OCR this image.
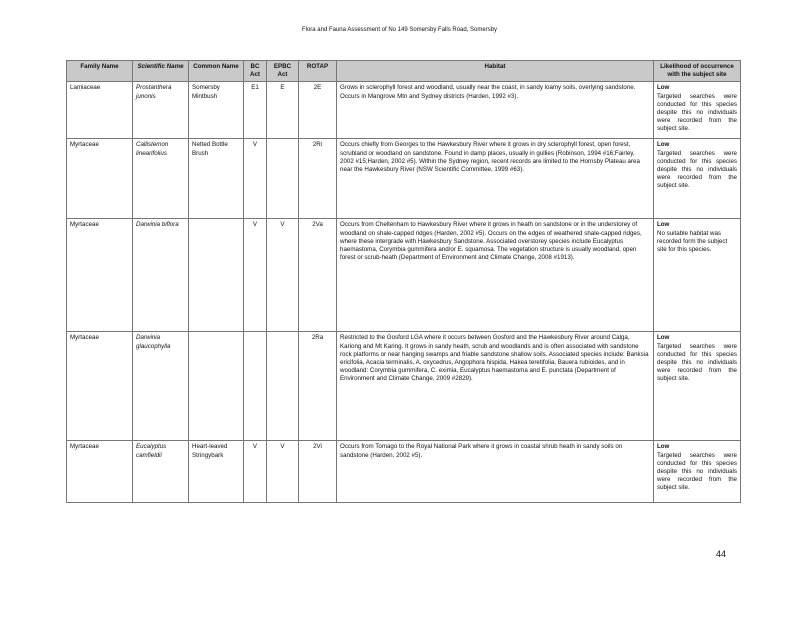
Flora and Fauna Assessment of No 149 Somersby Falls Road, Somersby
Family Name	Scientific Name	Common Name	BC Act	EPBC Act	ROTAP	Habitat	Likelihood of occurrence with the subject site
Lamiaceae	Prostanthera junonis	Somersby Mintbush	E1	E	2E	Grows in sclerophyll forest and woodland, usually near the coast, in sandy loamy soils, overlying sandstone. Occurs in Mangrove Mtn and Sydney districts (Harden, 1992 #3).	Low
Targeted searches were conducted for this species despite this no individuals were recorded from the subject site.
Myrtaceae	Callistemon linearifolius	Netted Bottle Brush	V		2Ri	Occurs chiefly from Georges to the Hawkesbury River where it grows in dry sclerophyll forest, open forest, scrubland or woodland on sandstone. Found in damp places, usually in gullies (Robinson, 1994 #16;Fairley, 2002 #15;Harden, 2002 #5). Within the Sydney region, recent records are limited to the Hornsby Plateau area near the Hawkesbury River (NSW Scientific Committee, 1999 #63).	Low
Targeted searches were conducted for this species despite this no individuals were recorded from the subject site.
Myrtaceae	Darwinia biflora		V	V	2Va	Occurs from Cheltenham to Hawkesbury River where it grows in heath on sandstone or in the understorey of woodland on shale-capped ridges (Harden, 2002 #5). Occurs on the edges of weathered shale-capped ridges, where these intergrade with Hawkesbury Sandstone. Associated overstorey species include Eucalyptus haemastoma, Corymbia gummifera and/or E. squamosa. The vegetation structure is usually woodland, open forest or scrub-heath (Department of Environment and Climate Change, 2008 #1913).	Low
No suitable habitat was recorded form the subject site for this species.
Myrtaceae	Darwinia glaucophylla				2Ra	Restricted to the Gosford LGA where it occurs between Gosford and the Hawkesbury River around Calga, Kariong and Mt Karing. It grows in sandy heath, scrub and woodlands and is often associated with sandstone rock platforms or near hanging swamps and friable sandstone shallow soils. Associated species include: Banksia ericifolia, Acacia terminalis, A. oxycedrus, Angophora hispida, Hakea teretifolia, Bauera rubioides, and in woodland: Corymbia gummifera, C. eximia, Eucalyptus haemastoma and E. punctata (Department of Environment and Climate Change, 2009 #2829).	Low
Targeted searches were conducted for this species despite this no individuals were recorded from the subject site.
Myrtaceae	Eucalyptus camfieldii	Heart-leaved Stringybark	V	V	2Vi	Occurs from Tomago to the Royal National Park where it grows in coastal shrub heath in sandy soils on sandstone (Harden, 2002 #5).	Low
Targeted searches were conducted for this species despite this no individuals were recorded from the subject site.
44
